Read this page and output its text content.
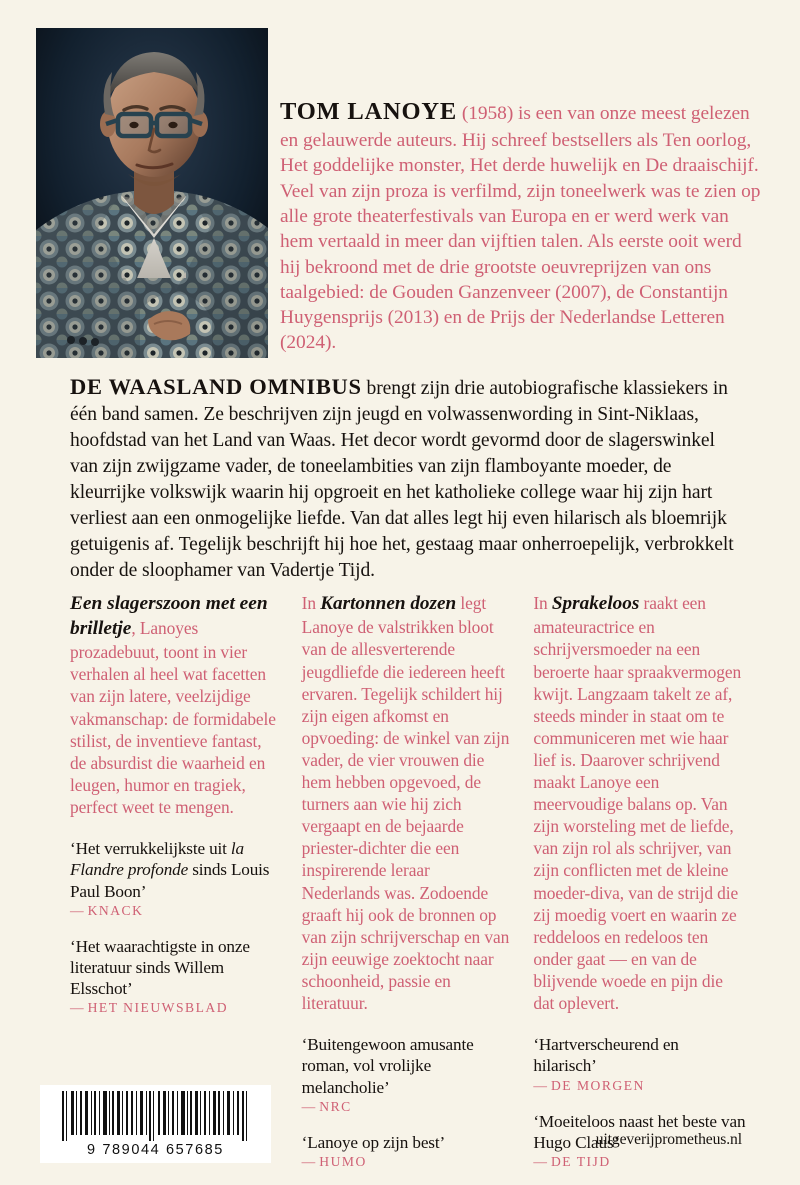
TOM LANOYE (1958) is een van onze meest gelezen en gelauwerde auteurs. Hij schreef bestsellers als Ten oorlog, Het goddelijke monster, Het derde huwelijk en De draaischijf. Veel van zijn proza is verfilmd, zijn toneelwerk was te zien op alle grote theaterfestivals van Europa en er werd werk van hem vertaald in meer dan vijftien talen. Als eerste ooit werd hij bekroond met de drie grootste oeuvreprijzen van ons taalgebied: de Gouden Ganzenveer (2007), de Constantijn Huygensprijs (2013) en de Prijs der Nederlandse Letteren (2024).
DE WAASLAND OMNIBUS brengt zijn drie autobiografische klassiekers in één band samen. Ze beschrijven zijn jeugd en volwassenwording in Sint-Niklaas, hoofdstad van het Land van Waas. Het decor wordt gevormd door de slagerswinkel van zijn zwijgzame vader, de toneelambities van zijn flamboyante moeder, de kleurrijke volkswijk waarin hij opgroeit en het katholieke college waar hij zijn hart verliest aan een onmogelijke liefde. Van dat alles legt hij even hilarisch als bloemrijk getuigenis af. Tegelijk beschrijft hij hoe het, gestaag maar onherroepelijk, verbrokkelt onder de sloophamer van Vadertje Tijd.
Een slagerszoon met een brilletje, Lanoyes prozadebuut, toont in vier verhalen al heel wat facetten van zijn latere, veelzijdige vakmanschap: de formidabele stilist, de inventieve fantast, de absurdist die waarheid en leugen, humor en tragiek, perfect weet te mengen.
‘Het verrukkelijkste uit la Flandre profonde sinds Louis Paul Boon’
— KNACK
‘Het waarachtigste in onze literatuur sinds Willem Elsschot’
— HET NIEUWSBLAD
In Kartonnen dozen legt Lanoye de valstrikken bloot van de allesverterende jeugdliefde die iedereen heeft ervaren. Tegelijk schildert hij zijn eigen afkomst en opvoeding: de winkel van zijn vader, de vier vrouwen die hem hebben opgevoed, de turners aan wie hij zich vergaapt en de bejaarde priester-dichter die een inspirerende leraar Nederlands was. Zodoende graaft hij ook de bronnen op van zijn schrijverschap en van zijn eeuwige zoektocht naar schoonheid, passie en literatuur.
‘Buitengewoon amusante roman, vol vrolijke melancholie’
— NRC
‘Lanoye op zijn best’
— HUMO
In Sprakeloos raakt een amateuractrice en schrijversmoeder na een beroerte haar spraakvermogen kwijt. Langzaam takelt ze af, steeds minder in staat om te communiceren met wie haar lief is. Daarover schrijvend maakt Lanoye een meervoudige balans op. Van zijn worsteling met de liefde, van zijn rol als schrijver, van zijn conflicten met de kleine moeder-diva, van de strijd die zij moedig voert en waarin ze reddeloos en redeloos ten onder gaat — en van de blijvende woede en pijn die dat oplevert.
‘Hartverscheurend en hilarisch’
— DE MORGEN
‘Moeiteloos naast het beste van Hugo Claus’
— DE TIJD
9 789044 657685
uitgeverijprometheus.nl
